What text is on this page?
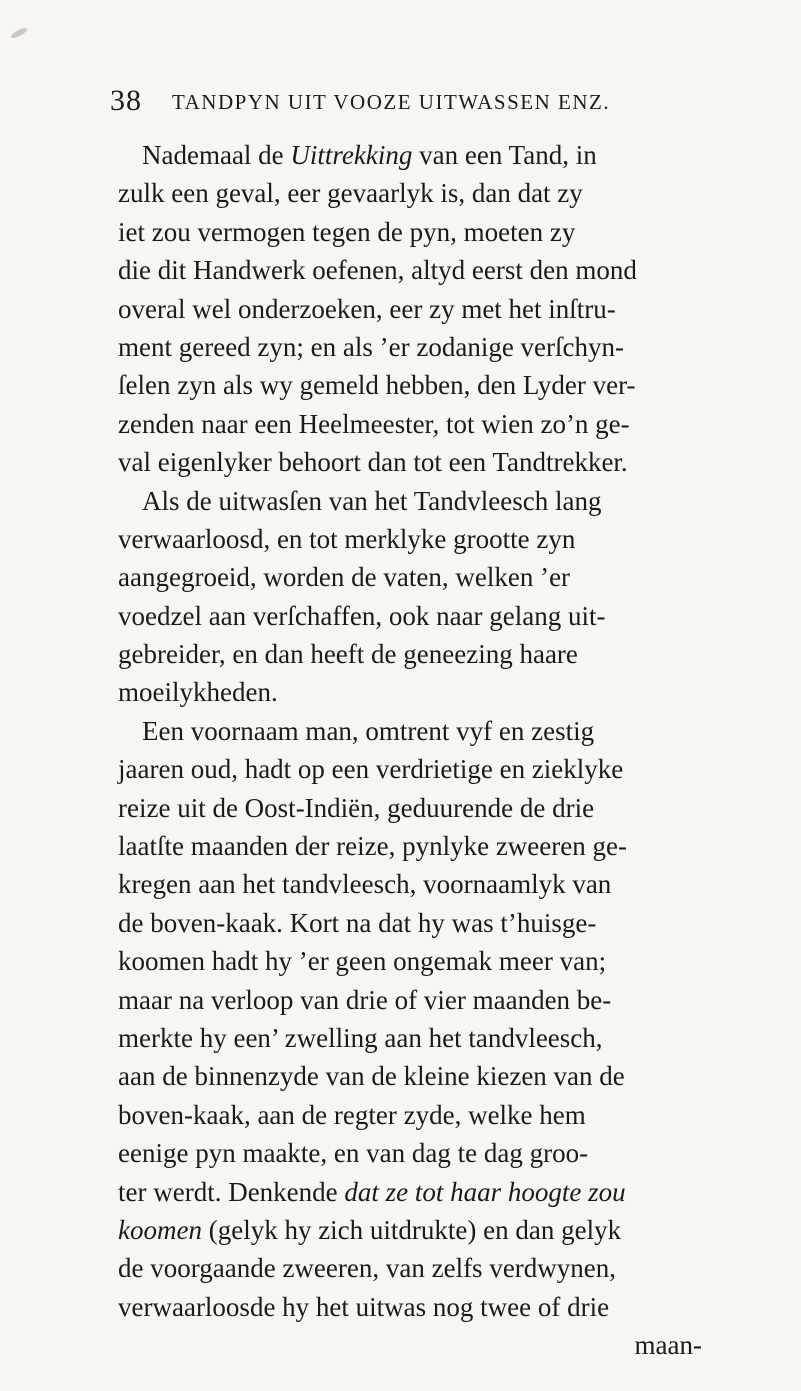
38 TANDPYN UIT VOOZE UITWASSEN ENZ.
Nademaal de Uittrekking van een Tand, in
zulk een geval, eer gevaarlyk is, dan dat zy
iet zou vermogen tegen de pyn, moeten zy
die dit Handwerk oefenen, altyd eerst den mond
overal wel onderzoeken, eer zy met het inſtru-
ment gereed zyn; en als ’er zodanige verſchyn-
ſelen zyn als wy gemeld hebben, den Lyder ver-
zenden naar een Heelmeester, tot wien zo’n ge-
val eigenlyker behoort dan tot een Tandtrekker.
Als de uitwasſen van het Tandvleesch lang
verwaarloosd, en tot merklyke grootte zyn
aangegroeid, worden de vaten, welken ’er
voedzel aan verſchaffen, ook naar gelang uit-
gebreider, en dan heeft de geneezing haare
moeilykheden.
Een voornaam man, omtrent vyf en zestig
jaaren oud, hadt op een verdrietige en zieklyke
reize uit de Oost-Indiën, geduurende de drie
laatſte maanden der reize, pynlyke zweeren ge-
kregen aan het tandvleesch, voornaamlyk van
de boven-kaak. Kort na dat hy was t’huisge-
koomen hadt hy ’er geen ongemak meer van;
maar na verloop van drie of vier maanden be-
merkte hy een’ zwelling aan het tandvleesch,
aan de binnenzyde van de kleine kiezen van de
boven-kaak, aan de regter zyde, welke hem
eenige pyn maakte, en van dag te dag groo-
ter werdt. Denkende dat ze tot haar hoogte zou
koomen (gelyk hy zich uitdrukte) en dan gelyk
de voorgaande zweeren, van zelfs verdwynen,
verwaarloosde hy het uitwas nog twee of drie
maan-
